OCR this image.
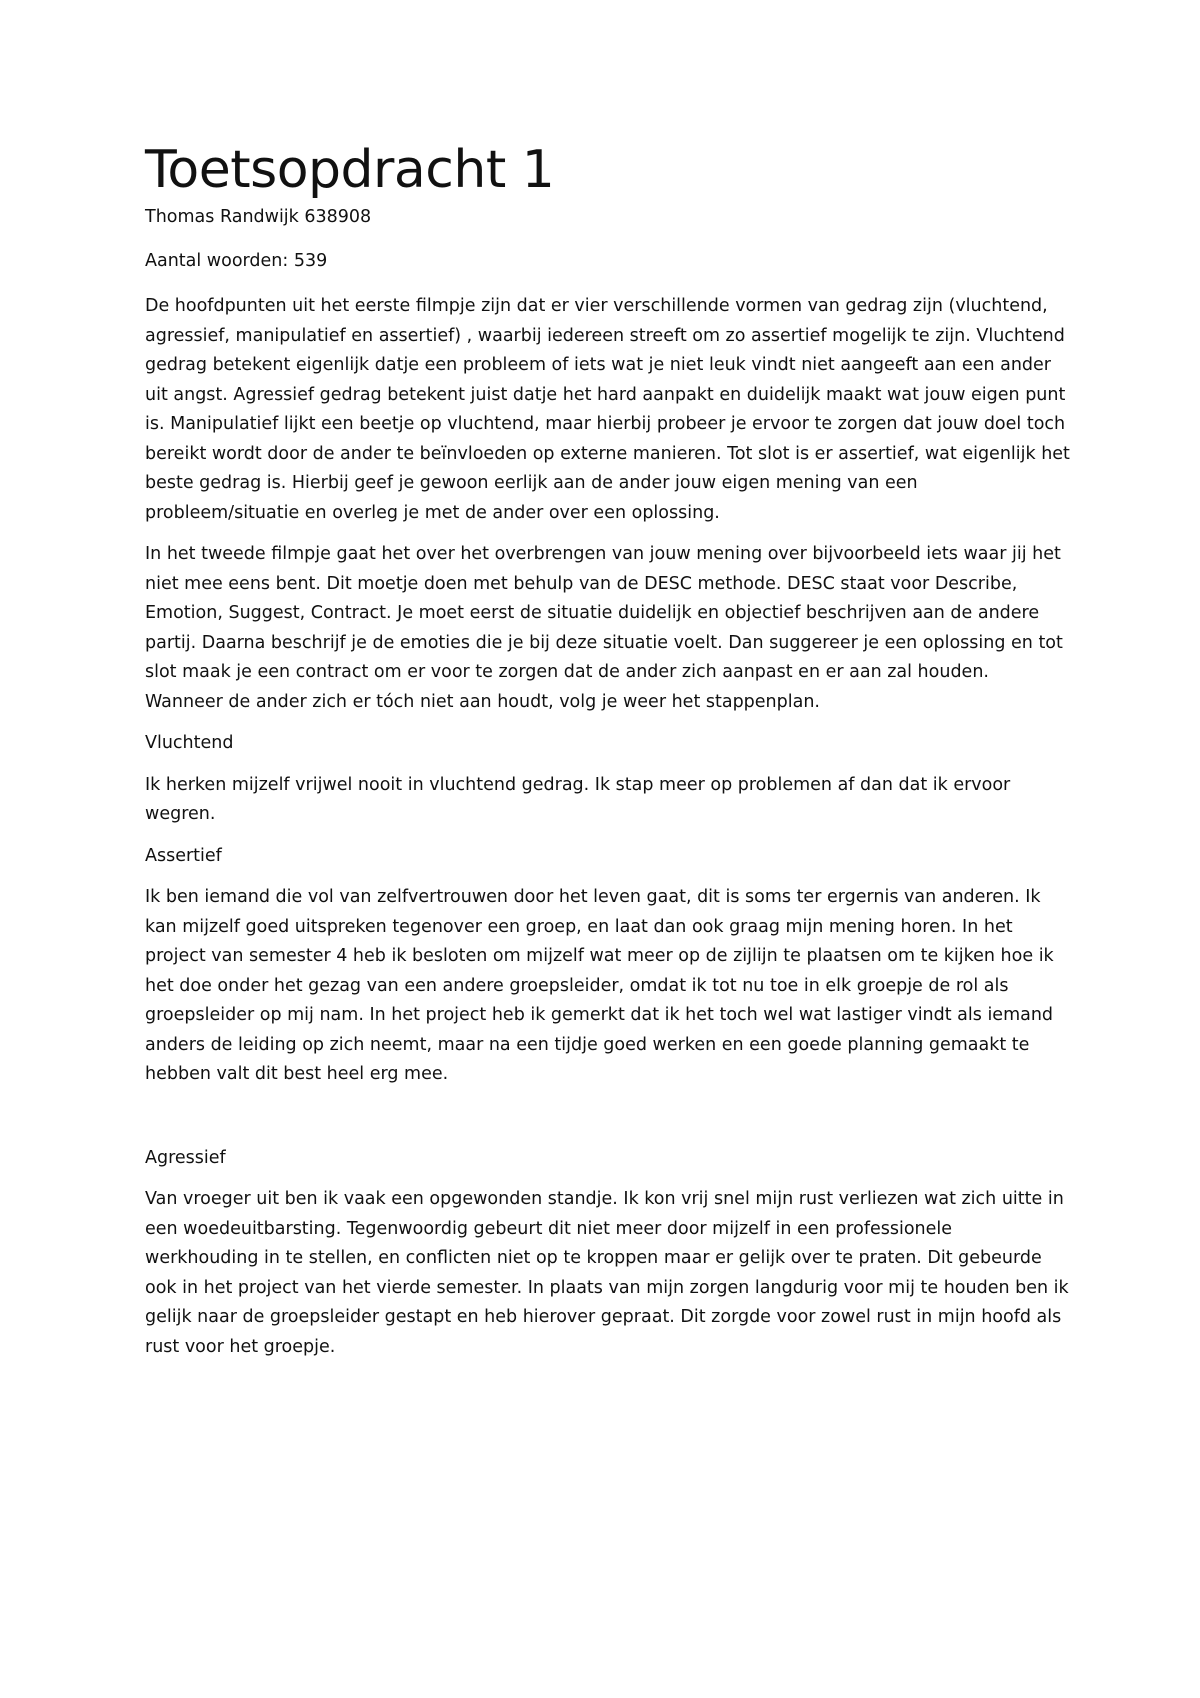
Toetsopdracht 1

Thomas Randwijk 638908

Aantal woorden: 539

De hoofdpunten uit het eerste filmpje zijn dat er vier verschillende vormen van gedrag zijn (vluchtend, agressief, manipulatief en assertief) , waarbij iedereen streeft om zo assertief mogelijk te zijn. Vluchtend gedrag betekent eigenlijk datje een probleem of iets wat je niet leuk vindt niet aangeeft aan een ander uit angst. Agressief gedrag betekent juist datje het hard aanpakt en duidelijk maakt wat jouw eigen punt is. Manipulatief lijkt een beetje op vluchtend, maar hierbij probeer je ervoor te zorgen dat jouw doel toch bereikt wordt door de ander te beïnvloeden op externe manieren. Tot slot is er assertief, wat eigenlijk het beste gedrag is. Hierbij geef je gewoon eerlijk aan de ander jouw eigen mening van een probleem/situatie en overleg je met de ander over een oplossing.

In het tweede filmpje gaat het over het overbrengen van jouw mening over bijvoorbeeld iets waar jij het niet mee eens bent. Dit moetje doen met behulp van de DESC methode. DESC staat voor Describe, Emotion, Suggest, Contract. Je moet eerst de situatie duidelijk en objectief beschrijven aan de andere partij. Daarna beschrijf je de emoties die je bij deze situatie voelt. Dan suggereer je een oplossing en tot slot maak je een contract om er voor te zorgen dat de ander zich aanpast en er aan zal houden. Wanneer de ander zich er tóch niet aan houdt, volg je weer het stappenplan.

Vluchtend

Ik herken mijzelf vrijwel nooit in vluchtend gedrag. Ik stap meer op problemen af dan dat ik ervoor wegren.

Assertief

Ik ben iemand die vol van zelfvertrouwen door het leven gaat, dit is soms ter ergernis van anderen. Ik kan mijzelf goed uitspreken tegenover een groep, en laat dan ook graag mijn mening horen. In het project van semester 4 heb ik besloten om mijzelf wat meer op de zijlijn te plaatsen om te kijken hoe ik het doe onder het gezag van een andere groepsleider, omdat ik tot nu toe in elk groepje de rol als groepsleider op mij nam. In het project heb ik gemerkt dat ik het toch wel wat lastiger vindt als iemand anders de leiding op zich neemt, maar na een tijdje goed werken en een goede planning gemaakt te hebben valt dit best heel erg mee.

Agressief

Van vroeger uit ben ik vaak een opgewonden standje. Ik kon vrij snel mijn rust verliezen wat zich uitte in een woedeuitbarsting. Tegenwoordig gebeurt dit niet meer door mijzelf in een professionele werkhouding in te stellen, en conflicten niet op te kroppen maar er gelijk over te praten. Dit gebeurde ook in het project van het vierde semester. In plaats van mijn zorgen langdurig voor mij te houden ben ik gelijk naar de groepsleider gestapt en heb hierover gepraat. Dit zorgde voor zowel rust in mijn hoofd als rust voor het groepje.
